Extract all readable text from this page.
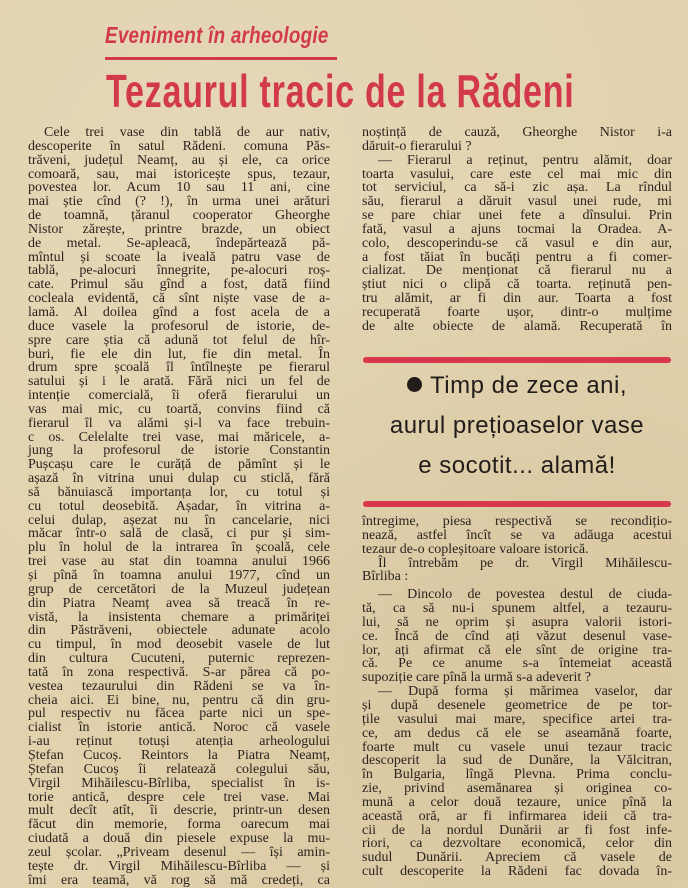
Eveniment în arheologie
Tezaurul tracic de la Rădeni
Cele trei vase din tablă de aur nativ,
descoperite în satul Rădeni. comuna Păs-
trăveni, județul Neamț, au și ele, ca orice
comoară, sau, mai istoricește spus, tezaur,
povestea lor. Acum 10 sau 11 ani, cine
mai știe cînd (? !), în urma unei arături
de toamnă, țăranul cooperator Gheorghe
Nistor zărește, printre brazde, un obiect
de metal. Se-apleacă, îndepărtează pă-
mîntul și scoate la iveală patru vase de
tablă, pe-alocuri înnegrite, pe-alocuri roș-
cate. Primul său gînd a fost, dată fiind
cocleala evidentă, că sînt niște vase de a-
lamă. Al doilea gînd a fost acela de a
duce vasele la profesorul de istorie, de-
spre care știa că adună tot felul de hîr-
buri, fie ele din lut, fie din metal. În
drum spre școală îl întîlnește pe fierarul
satului și i le arată. Fără nici un fel de
intenție comercială, îi oferă fierarului un
vas mai mic, cu toartă, convins fiind că
fierarul îl va alămi și-l va face trebuin-
c os. Celelalte trei vase, mai măricele, a-
jung la profesorul de istorie Constantin
Pușcașu care le curăță de pămînt și le
așază în vitrina unui dulap cu sticlă, fără
să bănuiască importanța lor, cu totul și
cu totul deosebită. Așadar, în vitrina a-
celui dulap, așezat nu în cancelarie, nici
măcar într-o sală de clasă, ci pur și sim-
plu în holul de la intrarea în școală, cele
trei vase au stat din toamna anului 1966
și pînă în toamna anului 1977, cînd un
grup de cercetători de la Muzeul județean
din Piatra Neamț avea să treacă în re-
vistă, la insistenta chemare a primăriței
din Păstrăveni, obiectele adunate acolo
cu timpul, în mod deosebit vasele de lut
din cultura Cucuteni, puternic reprezen-
tată în zona respectivă. S-ar părea că po-
vestea tezaurului din Rădeni se va în-
cheia aici. Ei bine, nu, pentru că din gru-
pul respectiv nu făcea parte nici un spe-
cialist în istorie antică. Noroc că vasele
i-au reținut totuși atenția arheologului
Ștefan Cucoș. Reintors la Piatra Neamț,
Ștefan Cucoș îi relatează colegului său,
Virgil Mihăilescu-Bîrliba, specialist în is-
torie antică, despre cele trei vase. Mai
mult decît atît, îi descrie, printr-un desen
făcut din memorie, forma oarecum mai
ciudată a două din piesele expuse la mu-
zeul școlar. „Priveam desenul — își amin-
tește dr. Virgil Mihăilescu-Bîrliba — și
îmi era teamă, vă rog să mă credeți, ca
noștință de cauză, Gheorghe Nistor i-a
dăruit-o fierarului ?
— Fierarul a reținut, pentru alămit, doar
toarta vasului, care este cel mai mic din
tot serviciul, ca să-i zic așa. La rîndul
său, fierarul a dăruit vasul unei rude, mi
se pare chiar unei fete a dînsului. Prin
fată, vasul a ajuns tocmai la Oradea. A-
colo, descoperindu-se că vasul e din aur,
a fost tăiat în bucăți pentru a fi comer-
cializat. De menționat că fierarul nu a
știut nici o clipă că toarta. reținută pen-
tru alămit, ar fi din aur. Toarta a fost
recuperată foarte ușor, dintr-o mulțime
de alte obiecte de alamă. Recuperată în
Timp de zece ani,
aurul prețioaselor vase
e socotit... alamă!
întregime, piesa respectivă se recondițio-
nează, astfel încît se va adăuga acestui
tezaur de-o copleșitoare valoare istorică.
Îl întrebăm pe dr. Virgil Mihăilescu-
Bîrliba :
— Dincolo de povestea destul de ciuda-
tă, ca să nu-i spunem altfel, a tezauru-
lui, să ne oprim și asupra valorii istori-
ce. Încă de cînd ați văzut desenul vase-
lor, ați afirmat că ele sînt de origine tra-
că. Pe ce anume s-a întemeiat această
supoziție care pînă la urmă s-a adeverit ?
— După forma și mărimea vaselor, dar
și după desenele geometrice de pe tor-
țile vasului mai mare, specifice artei tra-
ce, am dedus că ele se aseamănă foarte,
foarte mult cu vasele unui tezaur tracic
descoperit la sud de Dunăre, la Vălcitran,
în Bulgaria, lîngă Plevna. Prima conclu-
zie, privind asemănarea și originea co-
mună a celor două tezaure, unice pînă la
această oră, ar fi infirmarea ideii că tra-
cii de la nordul Dunării ar fi fost infe-
riori, ca dezvoltare economică, celor din
sudul Dunării. Apreciem că vasele de
cult descoperite la Rădeni fac dovada în-
